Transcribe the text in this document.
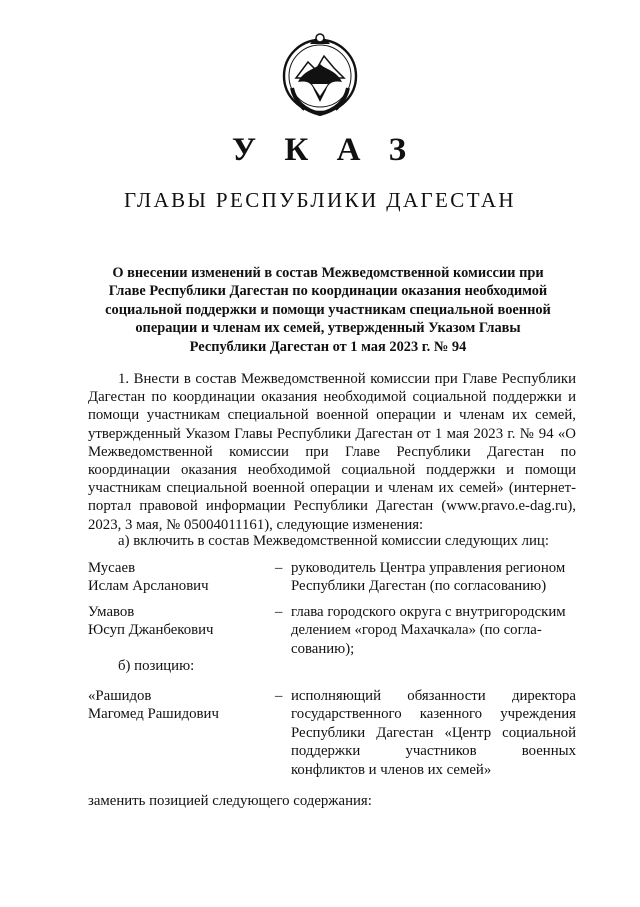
У К А З
ГЛАВЫ РЕСПУБЛИКИ ДАГЕСТАН
О внесении изменений в состав Межведомственной комиссии при
Главе Республики Дагестан по координации оказания необходимой
социальной поддержки и помощи участникам специальной военной
операции и членам их семей, утвержденный Указом Главы
Республики Дагестан от 1 мая 2023 г. № 94
1. Внести в состав Межведомственной комиссии при Главе Республики Дагестан по координации оказания необходимой социальной поддержки и помощи участникам специальной военной операции и членам их семей, утвержденный Указом Главы Республики Дагестан от 1 мая 2023 г. № 94 «О Межведомственной комиссии при Главе Республики Дагестан по координации оказания необходимой социальной поддержки и помощи участникам специальной военной операции и членам их семей» (интернет-портал правовой информации Республики Дагестан (www.pravo.e-dag.ru), 2023, 3 мая, № 05004011161), следующие изменения:
а) включить в состав Межведомственной комиссии следующих лиц:
Мусаев
Ислам Арсланович
– руководитель Центра управления регионом
Республики Дагестан (по согласованию)
Умавов
Юсуп Джанбекович
– глава городского округа с внутригородским
делением «город Махачкала» (по согла-
сованию);
б) позицию:
«Рашидов
Магомед Рашидович
– исполняющий обязанности директора
государственного казенного учреждения
Республики Дагестан «Центр социальной
поддержки участников военных
конфликтов и членов их семей»
заменить позицией следующего содержания:
